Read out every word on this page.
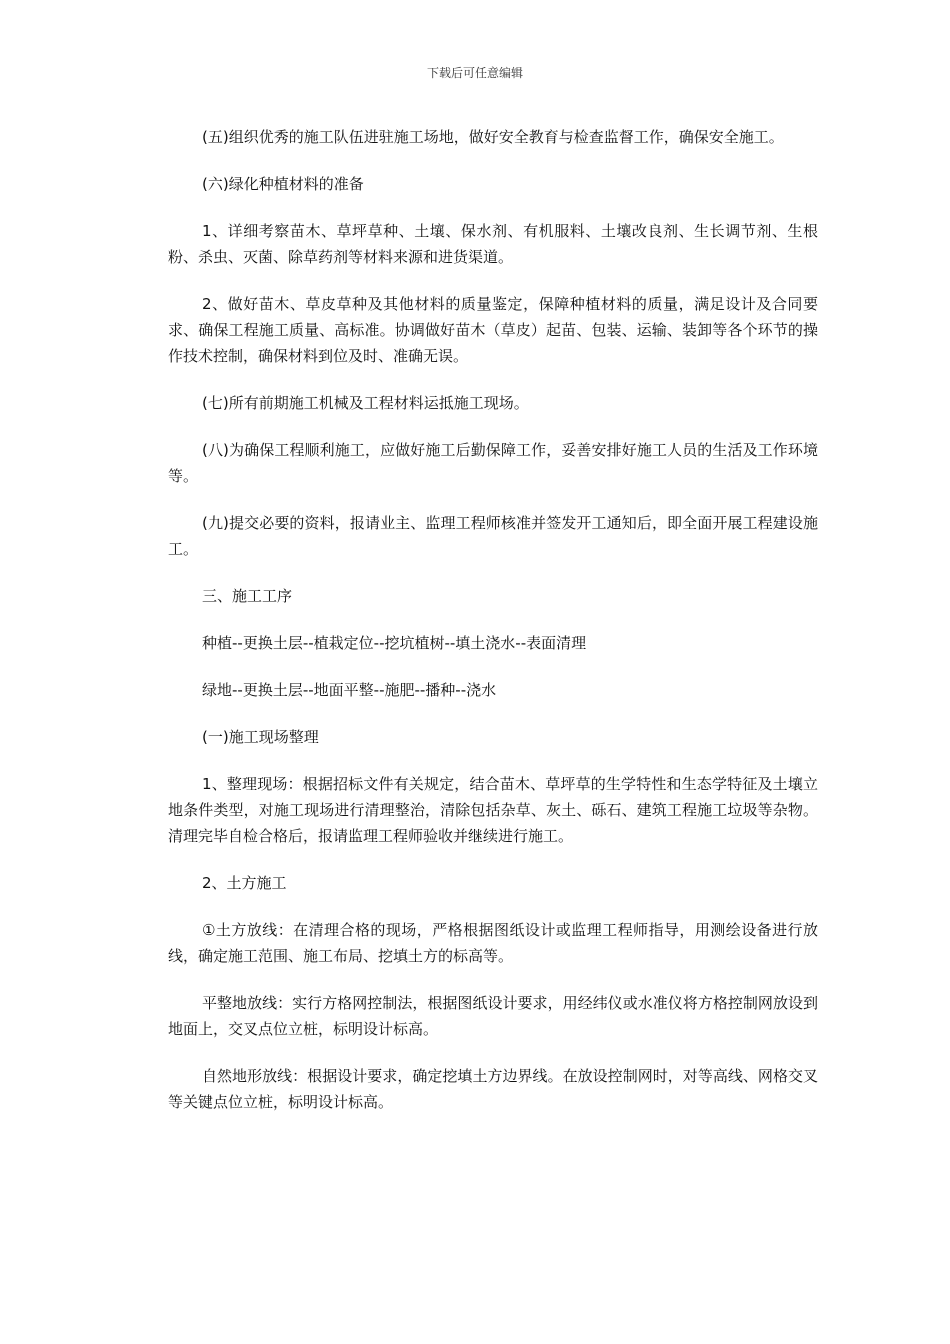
下载后可任意编辑

(五)组织优秀的施工队伍进驻施工场地，做好安全教育与检查监督工作，确保安全施工。

(六)绿化种植材料的准备

1、详细考察苗木、草坪草种、土壤、保水剂、有机服料、土壤改良剂、生长调节剂、生根粉、杀虫、灭菌、除草药剂等材料来源和进货渠道。

2、做好苗木、草皮草种及其他材料的质量鉴定，保障种植材料的质量，满足设计及合同要求、确保工程施工质量、高标准。协调做好苗木（草皮）起苗、包装、运输、装卸等各个环节的操作技术控制，确保材料到位及时、准确无误。

(七)所有前期施工机械及工程材料运抵施工现场。

(八)为确保工程顺利施工，应做好施工后勤保障工作，妥善安排好施工人员的生活及工作环境等。

(九)提交必要的资料，报请业主、监理工程师核准并签发开工通知后，即全面开展工程建设施工。

三、施工工序

种植--更换土层--植栽定位--挖坑植树--填土浇水--表面清理

绿地--更换土层--地面平整--施肥--播种--浇水

(一)施工现场整理

1、整理现场：根据招标文件有关规定，结合苗木、草坪草的生学特性和生态学特征及土壤立地条件类型，对施工现场进行清理整治，清除包括杂草、灰土、砾石、建筑工程施工垃圾等杂物。清理完毕自检合格后，报请监理工程师验收并继续进行施工。

2、土方施工

①土方放线：在清理合格的现场，严格根据图纸设计或监理工程师指导，用测绘设备进行放线，确定施工范围、施工布局、挖填土方的标高等。

平整地放线：实行方格网控制法，根据图纸设计要求，用经纬仪或水准仪将方格控制网放设到地面上，交叉点位立桩，标明设计标高。

自然地形放线：根据设计要求，确定挖填土方边界线。在放设控制网时，对等高线、网格交叉　等关键点位立桩，标明设计标高。
